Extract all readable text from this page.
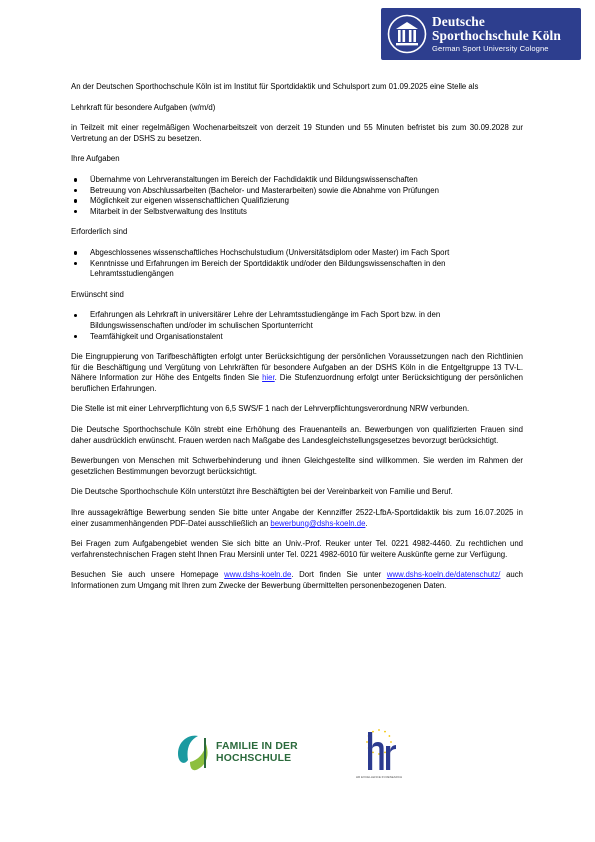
Deutsche
Sporthochschule Köln
German Sport University Cologne

An der Deutschen Sporthochschule Köln ist im Institut für Sportdidaktik und Schulsport zum 01.09.2025 eine Stelle als

Lehrkraft für besondere Aufgaben (w/m/d)

in Teilzeit mit einer regelmäßigen Wochenarbeitszeit von derzeit 19 Stunden und 55 Minuten befristet bis zum 30.09.2028 zur Vertretung an der DSHS zu besetzen.

Ihre Aufgaben

Übernahme von Lehrveranstaltungen im Bereich der Fachdidaktik und Bildungswissenschaften
Betreuung von Abschlussarbeiten (Bachelor- und Masterarbeiten) sowie die Abnahme von Prüfungen
Möglichkeit zur eigenen wissenschaftlichen Qualifizierung
Mitarbeit in der Selbstverwaltung des Instituts

Erforderlich sind

Abgeschlossenes wissenschaftliches Hochschulstudium (Universitätsdiplom oder Master) im Fach Sport
Kenntnisse und Erfahrungen im Bereich der Sportdidaktik und/oder den Bildungswissenschaften in den Lehramtsstudiengängen

Erwünscht sind

Erfahrungen als Lehrkraft in universitärer Lehre der Lehramtsstudiengänge im Fach Sport bzw. in den Bildungswissenschaften und/oder im schulischen Sportunterricht
Teamfähigkeit und Organisationstalent

Die Eingruppierung von Tarifbeschäftigten erfolgt unter Berücksichtigung der persönlichen Voraussetzungen nach den Richtlinien für die Beschäftigung und Vergütung von Lehrkräften für besondere Aufgaben an der DSHS Köln in die Entgeltgruppe 13 TV-L. Nähere Information zur Höhe des Entgelts finden Sie hier. Die Stufenzuordnung erfolgt unter Berücksichtigung der persönlichen beruflichen Erfahrungen.

Die Stelle ist mit einer Lehrverpflichtung von 6,5 SWS/F 1 nach der Lehrverpflichtungsverordnung NRW verbunden.

Die Deutsche Sporthochschule Köln strebt eine Erhöhung des Frauenanteils an. Bewerbungen von qualifizierten Frauen sind daher ausdrücklich erwünscht. Frauen werden nach Maßgabe des Landesgleichstellungsgesetzes bevorzugt berücksichtigt.

Bewerbungen von Menschen mit Schwerbehinderung und ihnen Gleichgestellte sind willkommen. Sie werden im Rahmen der gesetzlichen Bestimmungen bevorzugt berücksichtigt.

Die Deutsche Sporthochschule Köln unterstützt ihre Beschäftigten bei der Vereinbarkeit von Familie und Beruf.

Ihre aussagekräftige Bewerbung senden Sie bitte unter Angabe der Kennziffer 2522-LfbA-Sportdidaktik bis zum 16.07.2025 in einer zusammenhängenden PDF-Datei ausschließlich an bewerbung@dshs-koeln.de.

Bei Fragen zum Aufgabengebiet wenden Sie sich bitte an Univ.-Prof. Reuker unter Tel. 0221 4982-4460. Zu rechtlichen und verfahrenstechnischen Fragen steht Ihnen Frau Mersinli unter Tel. 0221 4982-6010 für weitere Auskünfte gerne zur Verfügung.

Besuchen Sie auch unsere Homepage www.dshs-koeln.de. Dort finden Sie unter www.dshs-koeln.de/datenschutz/ auch Informationen zum Umgang mit Ihren zum Zwecke der Bewerbung übermittelten personenbezogenen Daten.

FAMILIE IN DER
HOCHSCHULE
HR EXCELLENCE IN RESEARCH
